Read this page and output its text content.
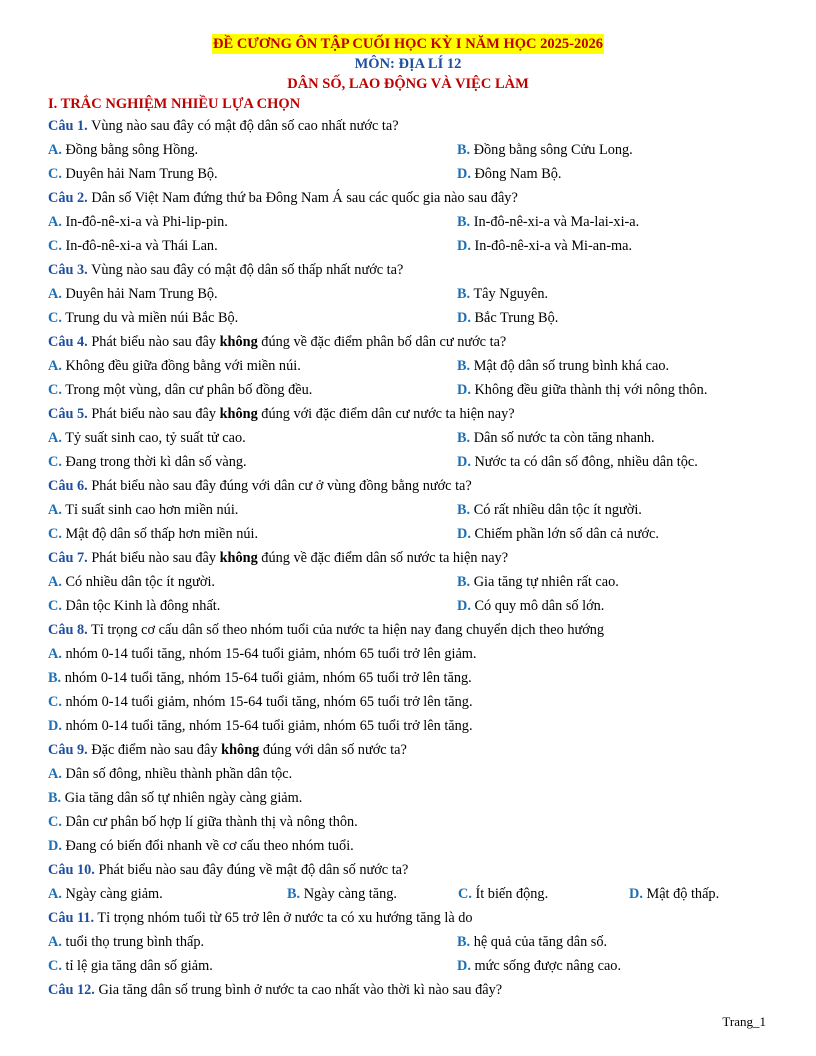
ĐỀ CƯƠNG ÔN TẬP CUỐI HỌC KỲ I NĂM HỌC 2025-2026
MÔN: ĐỊA LÍ 12
DÂN SỐ, LAO ĐỘNG VÀ VIỆC LÀM
I. TRẮC NGHIỆM NHIỀU LỰA CHỌN

Câu 1. Vùng nào sau đây có mật độ dân số cao nhất nước ta?

A. Đồng bằng sông Hồng.	B. Đồng bằng sông Cửu Long.
C. Duyên hải Nam Trung Bộ.	D. Đông Nam Bộ.

Câu 2. Dân số Việt Nam đứng thứ ba Đông Nam Á sau các quốc gia nào sau đây?

A. In-đô-nê-xi-a và Phi-lip-pin.	B. In-đô-nê-xi-a và Ma-lai-xi-a.
C. In-đô-nê-xi-a và Thái Lan.	D. In-đô-nê-xi-a và Mi-an-ma.

Câu 3. Vùng nào sau đây có mật độ dân số thấp nhất nước ta?

A. Duyên hải Nam Trung Bộ.	B. Tây Nguyên.
C. Trung du và miền núi Bắc Bộ.	D. Bắc Trung Bộ.

Câu 4. Phát biểu nào sau đây không đúng về đặc điểm phân bố dân cư nước ta?

A. Không đều giữa đồng bằng với miền núi.	B. Mật độ dân số trung bình khá cao.
C. Trong một vùng, dân cư phân bố đồng đều.	D. Không đều giữa thành thị với nông thôn.

Câu 5. Phát biểu nào sau đây không đúng với đặc điểm dân cư nước ta hiện nay?

A. Tỷ suất sinh cao, tỷ suất tử cao.	B. Dân số nước ta còn tăng nhanh.
C. Đang trong thời kì dân số vàng.	D. Nước ta có dân số đông, nhiều dân tộc.

Câu 6. Phát biểu nào sau đây đúng với dân cư ở vùng đồng bằng nước ta?

A. Tỉ suất sinh cao hơn miền núi.	B. Có rất nhiều dân tộc ít người.
C. Mật độ dân số thấp hơn miền núi.	D. Chiếm phần lớn số dân cả nước.

Câu 7. Phát biểu nào sau đây không đúng về đặc điểm dân số nước ta hiện nay?

A. Có nhiều dân tộc ít người.	B. Gia tăng tự nhiên rất cao.
C. Dân tộc Kinh là đông nhất.	D. Có quy mô dân số lớn.

Câu 8. Tỉ trọng cơ cấu dân số theo nhóm tuổi của nước ta hiện nay đang chuyển dịch theo hướng

A. nhóm 0-14 tuổi tăng, nhóm 15-64 tuổi giảm, nhóm 65 tuổi trở lên giảm.
B. nhóm 0-14 tuổi tăng, nhóm 15-64 tuổi giảm, nhóm 65 tuổi trở lên tăng.
C. nhóm 0-14 tuổi giảm, nhóm 15-64 tuổi tăng, nhóm 65 tuổi trở lên tăng.
D. nhóm 0-14 tuổi tăng, nhóm 15-64 tuổi giảm, nhóm 65 tuổi trở lên tăng.

Câu 9. Đặc điểm nào sau đây không đúng với dân số nước ta?

A. Dân số đông, nhiều thành phần dân tộc.
B. Gia tăng dân số tự nhiên ngày càng giảm.
C. Dân cư phân bố hợp lí giữa thành thị và nông thôn.
D. Đang có biến đổi nhanh về cơ cấu theo nhóm tuổi.

Câu 10. Phát biểu nào sau đây đúng về mật độ dân số nước ta?

A. Ngày càng giảm.	B. Ngày càng tăng.	C. Ít biến động.	D. Mật độ thấp.

Câu 11. Tỉ trọng nhóm tuổi từ 65 trở lên ở nước ta có xu hướng tăng là do

A. tuổi thọ trung bình thấp.	B. hệ quả của tăng dân số.
C. tỉ lệ gia tăng dân số giảm.	D. mức sống được nâng cao.

Câu 12. Gia tăng dân số trung bình ở nước ta cao nhất vào thời kì nào sau đây?

Trang_1
